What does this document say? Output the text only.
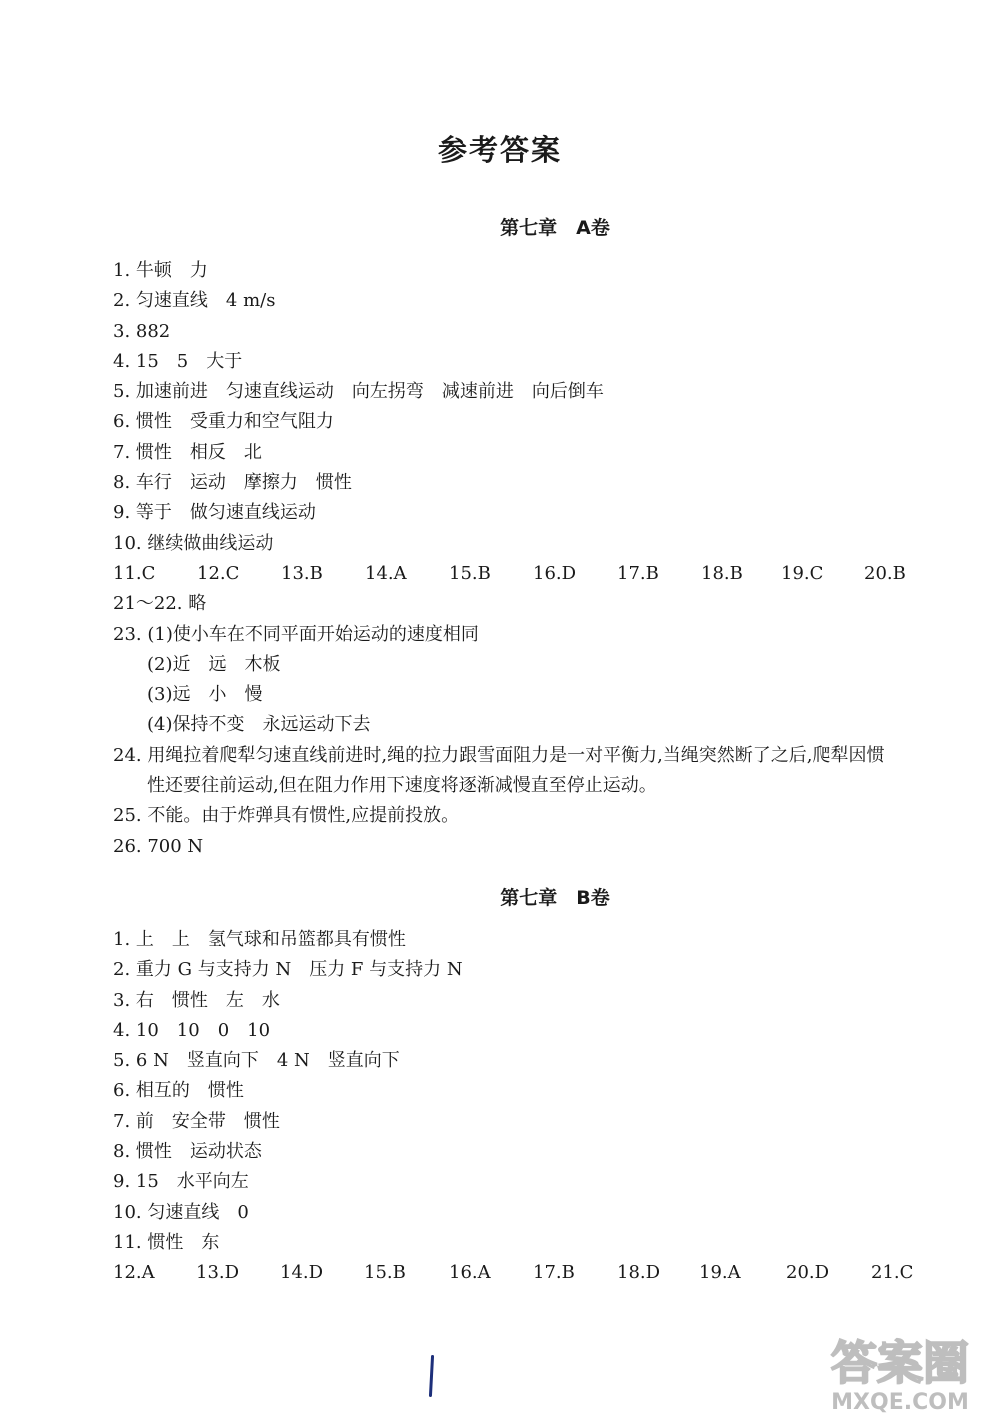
参考答案
第七章　A卷
1. 牛顿　力
2. 匀速直线　4 m/s
3. 882
4. 15　5　大于
5. 加速前进　匀速直线运动　向左拐弯　减速前进　向后倒车
6. 惯性　受重力和空气阻力
7. 惯性　相反　北
8. 车行　运动　摩擦力　惯性
9. 等于　做匀速直线运动
10. 继续做曲线运动
11.C 12.C 13.B 14.A 15.B 16.D 17.B 18.B 19.C 20.B
21～22. 略
23. (1)使小车在不同平面开始运动的速度相同
(2)近　远　木板
(3)远　小　慢
(4)保持不变　永远运动下去
24. 用绳拉着爬犁匀速直线前进时,绳的拉力跟雪面阻力是一对平衡力,当绳突然断了之后,爬犁因惯
性还要往前运动,但在阻力作用下速度将逐渐减慢直至停止运动。
25. 不能。由于炸弹具有惯性,应提前投放。
26. 700 N
第七章　B卷
1. 上　上　氢气球和吊篮都具有惯性
2. 重力 G 与支持力 N　压力 F 与支持力 N
3. 右　惯性　左　水
4. 10　10　0　10
5. 6 N　竖直向下　4 N　竖直向下
6. 相互的　惯性
7. 前　安全带　惯性
8. 惯性　运动状态
9. 15　水平向左
10. 匀速直线　0
11. 惯性　东
12.A 13.D 14.D 15.B 16.A 17.B 18.D 19.A	20.D 21.C
答案圈
MXQE.COM
